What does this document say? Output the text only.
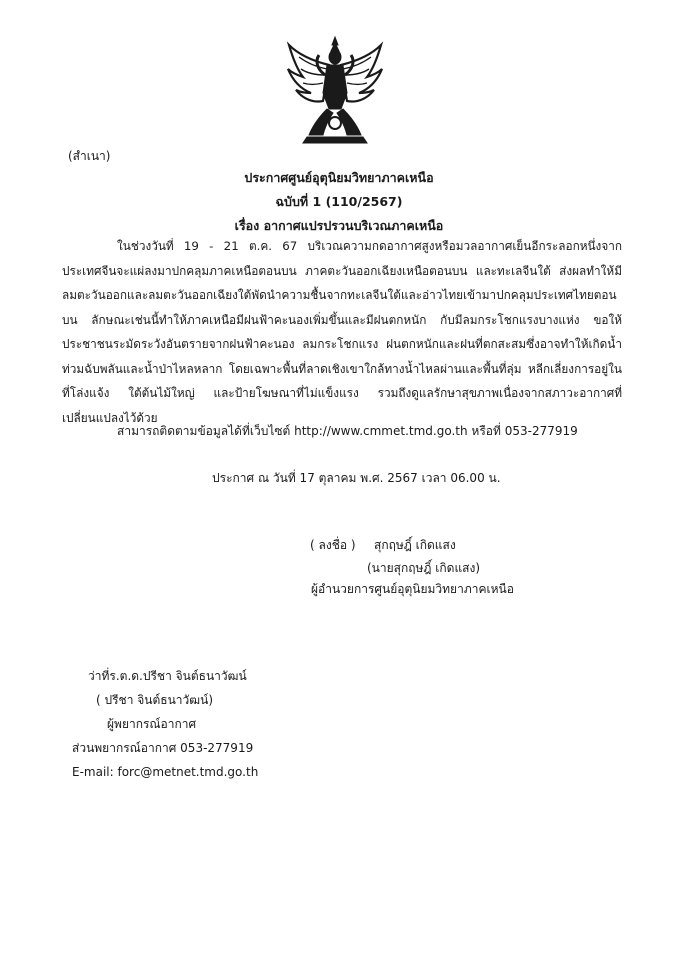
(สำเนา)
ประกาศศูนย์อุตุนิยมวิทยาภาคเหนือ
ฉบับที่ 1 (110/2567)
เรื่อง อากาศแปรปรวนบริเวณภาคเหนือ
ในช่วงวันที่ 19 - 21 ต.ค. 67 บริเวณความกดอากาศสูงหรือมวลอากาศเย็นอีกระลอกหนึ่งจากประเทศจีนจะแผ่ลงมาปกคลุมภาคเหนือตอนบน ภาคตะวันออกเฉียงเหนือตอนบน และทะเลจีนใต้ ส่งผลทำให้มีลมตะวันออกและลมตะวันออกเฉียงใต้พัดนำความชื้นจากทะเลจีนใต้และอ่าวไทยเข้ามาปกคลุมประเทศไทยตอนบน ลักษณะเช่นนี้ทำให้ภาคเหนือมีฝนฟ้าคะนองเพิ่มขึ้นและมีฝนตกหนัก กับมีลมกระโชกแรงบางแห่ง ขอให้ประชาชนระมัดระวังอันตรายจากฝนฟ้าคะนอง ลมกระโชกแรง ฝนตกหนักและฝนที่ตกสะสมซึ่งอาจทำให้เกิดน้ำท่วมฉับพลันและน้ำป่าไหลหลาก โดยเฉพาะพื้นที่ลาดเชิงเขาใกล้ทางน้ำไหลผ่านและพื้นที่ลุ่ม หลีกเลี่ยงการอยู่ในที่โล่งแจ้ง ใต้ต้นไม้ใหญ่ และป้ายโฆษณาที่ไม่แข็งแรง รวมถึงดูแลรักษาสุขภาพเนื่องจากสภาวะอากาศที่เปลี่ยนแปลงไว้ด้วย
สามารถติดตามข้อมูลได้ที่เว็บไซต์ http://www.cmmet.tmd.go.th หรือที่ 053-277919
ประกาศ ณ วันที่ 17 ตุลาคม พ.ศ. 2567 เวลา 06.00 น.
( ลงชื่อ ) สุกฤษฎิ์ เกิดแสง
(นายสุกฤษฎิ์ เกิดแสง)
ผู้อำนวยการศูนย์อุตุนิยมวิทยาภาคเหนือ
ว่าที่ร.ต.ด.ปรีชา จินต์ธนาวัฒน์
( ปรีชา จินต์ธนาวัฒน์)
ผู้พยากรณ์อากาศ
ส่วนพยากรณ์อากาศ 053-277919
E-mail: forc@metnet.tmd.go.th
